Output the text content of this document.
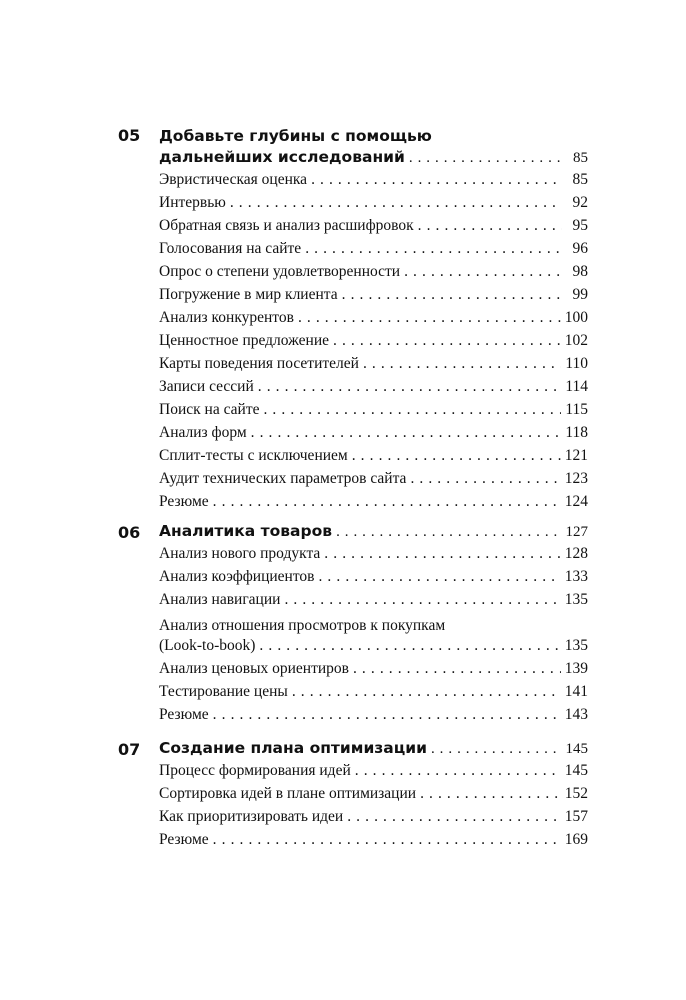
05 Добавьте глубины с помощью
дальнейших исследований . . .	85
Эвристическая оценка . . .	85
Интервью . . .	92
Обратная связь и анализ расшифровок . . .	95
Голосования на сайте . . .	96
Опрос о степени удовлетворенности . . .	98
Погружение в мир клиента . . .	99
Анализ конкурентов . . .	100
Ценностное предложение . . .	102
Карты поведения посетителей . . .	110
Записи сессий . . .	114
Поиск на сайте . . .	115
Анализ форм . . .	118
Сплит-тесты с исключением . . .	121
Аудит технических параметров сайта . . .	123
Резюме . . .	124
06 Аналитика товаров . . .	127
Анализ нового продукта . . .	128
Анализ коэффициентов . . .	133
Анализ навигации . . .	135
Анализ отношения просмотров к покупкам
(Look-to-book) . . .	135
Анализ ценовых ориентиров . . .	139
Тестирование цены . . .	141
Резюме . . .	143
07 Создание плана оптимизации . . .	145
Процесс формирования идей . . .	145
Сортировка идей в плане оптимизации . . .	152
Как приоритизировать идеи . . .	157
Резюме . . .	169
